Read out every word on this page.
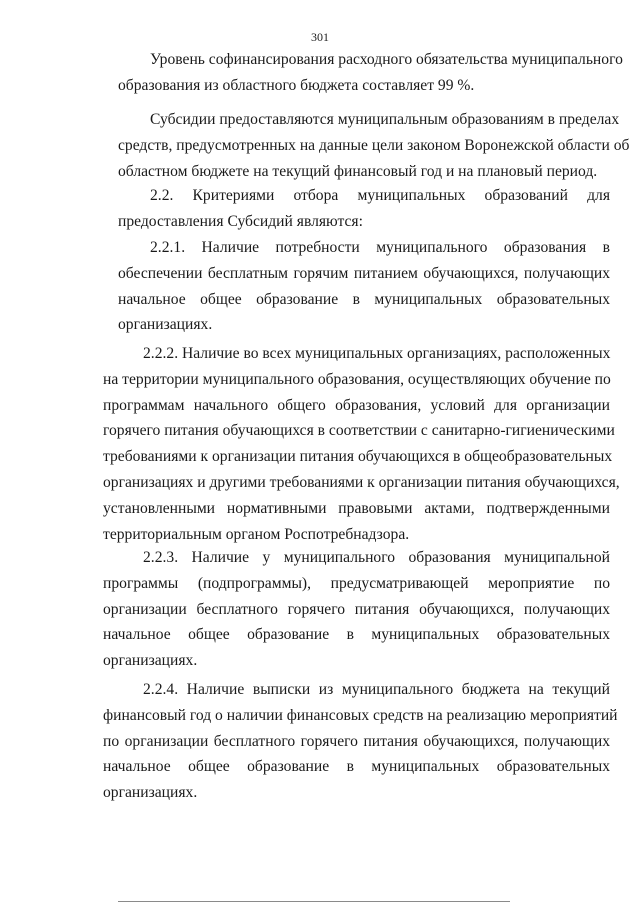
301

Уровень софинансирования расходного обязательства муниципального
образования из областного бюджета составляет 99 %.

Субсидии предоставляются муниципальным образованиям в пределах
средств, предусмотренных на данные цели законом Воронежской области об
областном бюджете на текущий финансовый год и на плановый период.

2.2. Критериями отбора муниципальных образований для
предоставления Субсидий являются:

2.2.1. Наличие потребности муниципального образования в
обеспечении бесплатным горячим питанием обучающихся, получающих
начальное общее образование в муниципальных образовательных
организациях.

2.2.2. Наличие во всех муниципальных организациях, расположенных
на территории муниципального образования, осуществляющих обучение по
программам начального общего образования, условий для организации
горячего питания обучающихся в соответствии с санитарно-гигиеническими
требованиями к организации питания обучающихся в общеобразовательных
организациях и другими требованиями к организации питания обучающихся,
установленными нормативными правовыми актами, подтвержденными
территориальным органом Роспотребнадзора.

2.2.3. Наличие у муниципального образования муниципальной
программы (подпрограммы), предусматривающей мероприятие по
организации бесплатного горячего питания обучающихся, получающих
начальное общее образование в муниципальных образовательных
организациях.

2.2.4. Наличие выписки из муниципального бюджета на текущий
финансовый год о наличии финансовых средств на реализацию мероприятий
по организации бесплатного горячего питания обучающихся, получающих
начальное общее образование в муниципальных образовательных
организациях.
